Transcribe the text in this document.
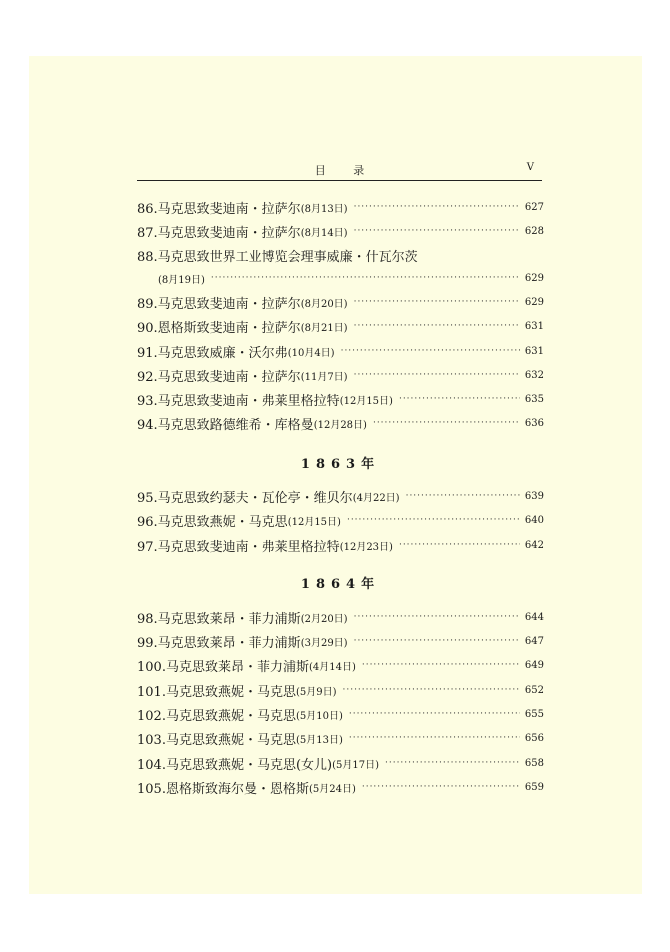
目 录	V
86.马克思致斐迪南・拉萨尔 (8月13日) ·····	627
87.马克思致斐迪南・拉萨尔 (8月14日) ·····	628
88.马克思致世界工业博览会理事威廉・什瓦尔茨
(8月19日) ·····	629
89.马克思致斐迪南・拉萨尔 (8月20日) ·····	629
90.恩格斯致斐迪南・拉萨尔 (8月21日) ·····	631
91.马克思致威廉・沃尔弗 (10月4日) ·····	631
92.马克思致斐迪南・拉萨尔 (11月7日) ·····	632
93.马克思致斐迪南・弗莱里格拉特 (12月15日) ·····	635
94.马克思致路德维希・库格曼 (12月28日) ·····	636
1863年
95.马克思致约瑟夫・瓦伦亭・维贝尔 (4月22日) ·····	639
96.马克思致燕妮・马克思 (12月15日) ·····	640
97.马克思致斐迪南・弗莱里格拉特 (12月23日) ·····	642
1864年
98.马克思致莱昂・菲力浦斯 (2月20日) ·····	644
99.马克思致莱昂・菲力浦斯 (3月29日) ·····	647
100.马克思致莱昂・菲力浦斯 (4月14日) ·····	649
101.马克思致燕妮・马克思 (5月9日) ·····	652
102.马克思致燕妮・马克思 (5月10日) ·····	655
103.马克思致燕妮・马克思 (5月13日) ·····	656
104.马克思致燕妮・马克思(女儿) (5月17日) ·····	658
105.恩格斯致海尔曼・恩格斯 (5月24日) ·····	659
